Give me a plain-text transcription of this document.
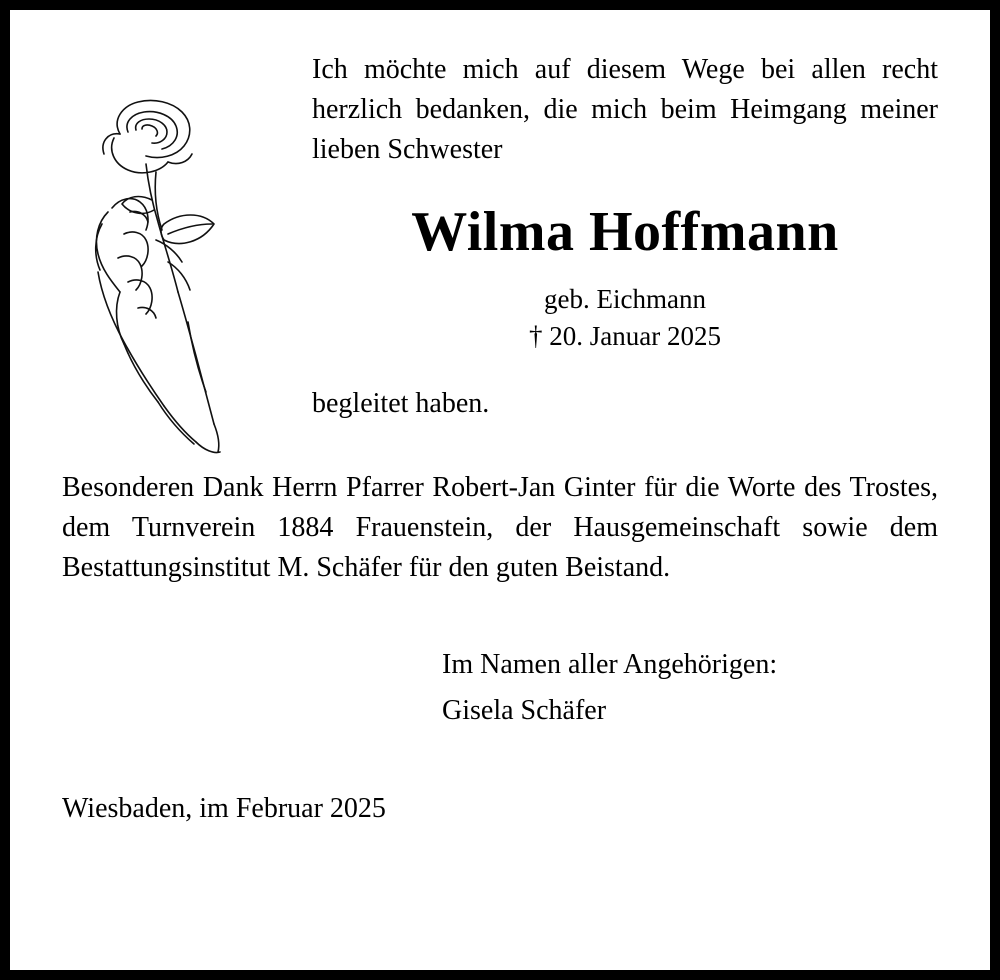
Ich möchte mich auf diesem Wege bei allen recht herzlich bedanken, die mich beim Heimgang meiner lieben Schwester

Wilma Hoffmann

geb. Eichmann

† 20. Januar 2025

begleitet haben.
Besonderen Dank Herrn Pfarrer Robert-Jan Ginter für die Worte des Trostes, dem Turnverein 1884 Frauenstein, der Hausgemeinschaft sowie dem Bestattungsinstitut M. Schäfer für den guten Beistand.
Im Namen aller Angehörigen:
Gisela Schäfer
Wiesbaden, im Februar 2025
